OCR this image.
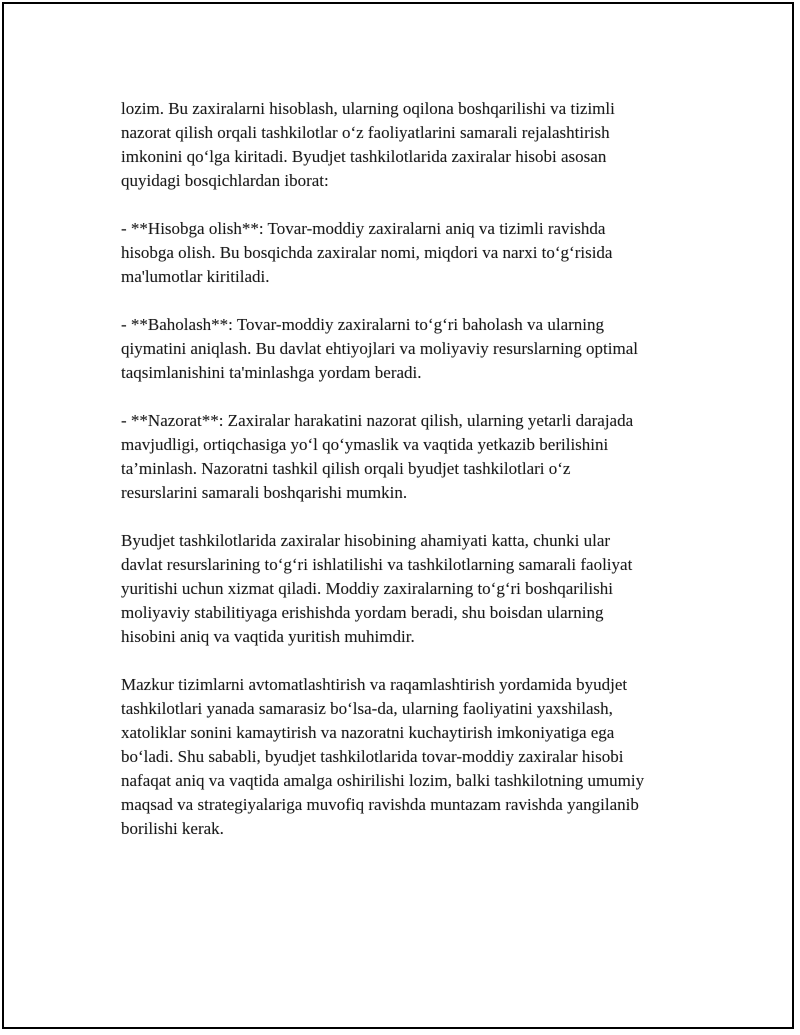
lozim. Bu zaxiralarni hisoblash, ularning oqilona boshqarilishi va tizimli
nazorat qilish orqali tashkilotlar o‘z faoliyatlarini samarali rejalashtirish
imkonini qo‘lga kiritadi. Byudjet tashkilotlarida zaxiralar hisobi asosan
quyidagi bosqichlardan iborat:

- **Hisobga olish**: Tovar-moddiy zaxiralarni aniq va tizimli ravishda
hisobga olish. Bu bosqichda zaxiralar nomi, miqdori va narxi to‘g‘risida
ma'lumotlar kiritiladi.

- **Baholash**: Tovar-moddiy zaxiralarni to‘g‘ri baholash va ularning
qiymatini aniqlash. Bu davlat ehtiyojlari va moliyaviy resurslarning optimal
taqsimlanishini ta'minlashga yordam beradi.

- **Nazorat**: Zaxiralar harakatini nazorat qilish, ularning yetarli darajada
mavjudligi, ortiqchasiga yo‘l qo‘ymaslik va vaqtida yetkazib berilishini
ta’minlash. Nazoratni tashkil qilish orqali byudjet tashkilotlari o‘z
resurslarini samarali boshqarishi mumkin.

Byudjet tashkilotlarida zaxiralar hisobining ahamiyati katta, chunki ular
davlat resurslarining to‘g‘ri ishlatilishi va tashkilotlarning samarali faoliyat
yuritishi uchun xizmat qiladi. Moddiy zaxiralarning to‘g‘ri boshqarilishi
moliyaviy stabilitiyaga erishishda yordam beradi, shu boisdan ularning
hisobini aniq va vaqtida yuritish muhimdir.

Mazkur tizimlarni avtomatlashtirish va raqamlashtirish yordamida byudjet
tashkilotlari yanada samarasiz bo‘lsa-da, ularning faoliyatini yaxshilash,
xatoliklar sonini kamaytirish va nazoratni kuchaytirish imkoniyatiga ega
bo‘ladi. Shu sababli, byudjet tashkilotlarida tovar-moddiy zaxiralar hisobi
nafaqat aniq va vaqtida amalga oshirilishi lozim, balki tashkilotning umumiy
maqsad va strategiyalariga muvofiq ravishda muntazam ravishda yangilanib
borilishi kerak.
